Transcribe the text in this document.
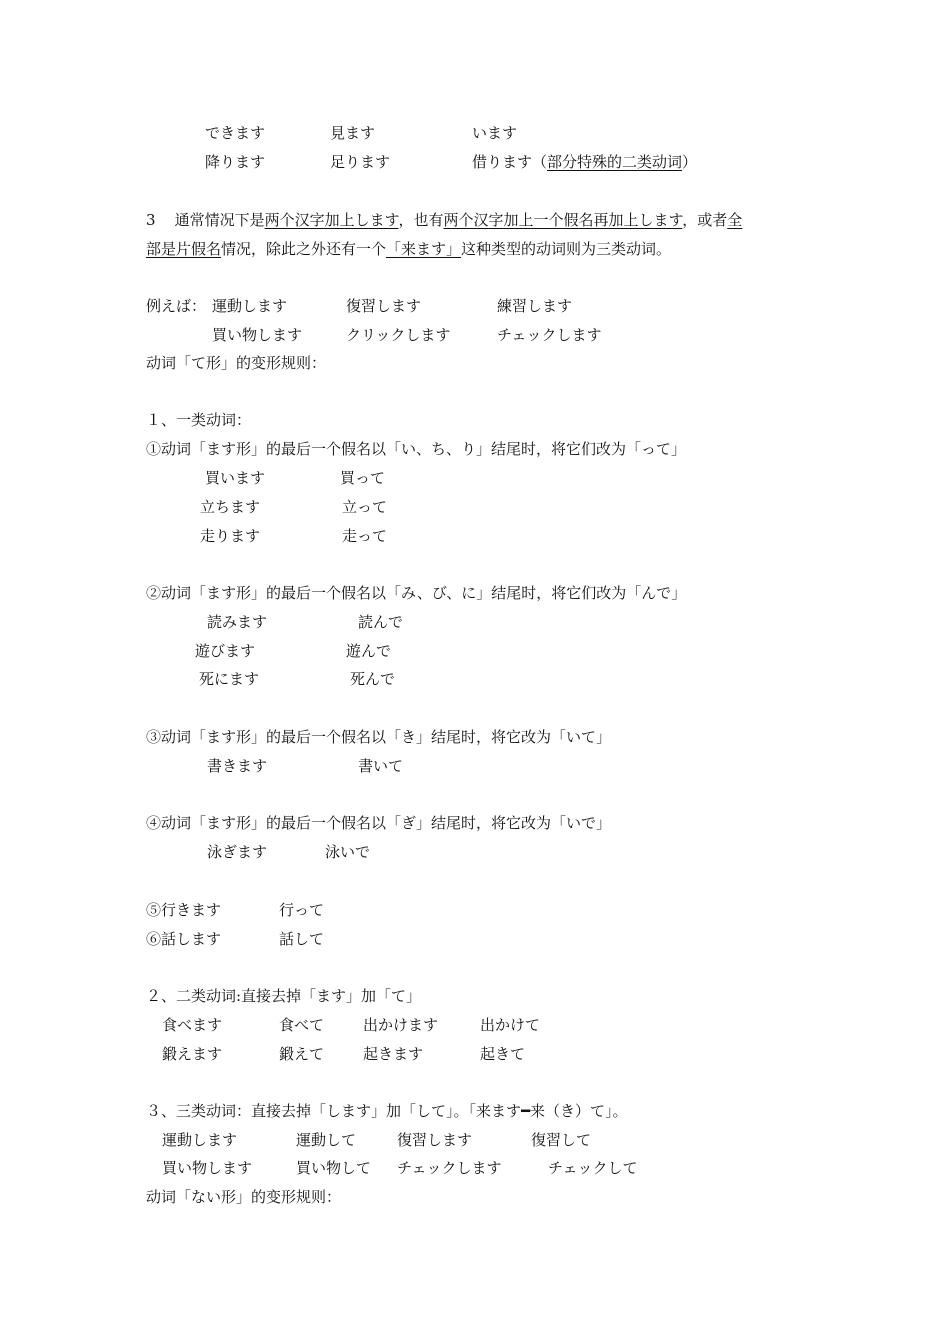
できます	見ます	います
降ります	足ります	借ります（部分特殊的二类动词）
3 通常情况下是两个汉字加上します，也有两个汉字加上一个假名再加上します，或者全
部是片假名情况，除此之外还有一个「来ます」这种类型的动词则为三类动词。
例えば： 運動します	復習します	練習します
買い物します	クリックします	チェックします
动词「て形」的变形规则：
１、一类动词：
①动词「ます形」的最后一个假名以「い、ち、り」结尾时，将它们改为「って」
買います	買って
立ちます	立って
走ります	走って
②动词「ます形」的最后一个假名以「み、び、に」结尾时，将它们改为「んで」
読みます	読んで
遊びます	遊んで
死にます	死んで
③动词「ます形」的最后一个假名以「き」结尾时，将它改为「いて」
書きます	書いて
④动词「ます形」的最后一个假名以「ぎ」结尾时，将它改为「いで」
泳ぎます	泳いで
⑤行きます	行って
⑥話します	話して
２、二类动词:直接去掉「ます」加「て」
食べます	食べて	出かけます	出かけて
鍛えます	鍛えて	起きます	起きて
３、三类动词：直接去掉「します」加「して」。「来ます━来（き）て」。
運動します	運動して	復習します	復習して
買い物します	買い物して チェックします	チェックして
动词「ない形」的变形规则：
